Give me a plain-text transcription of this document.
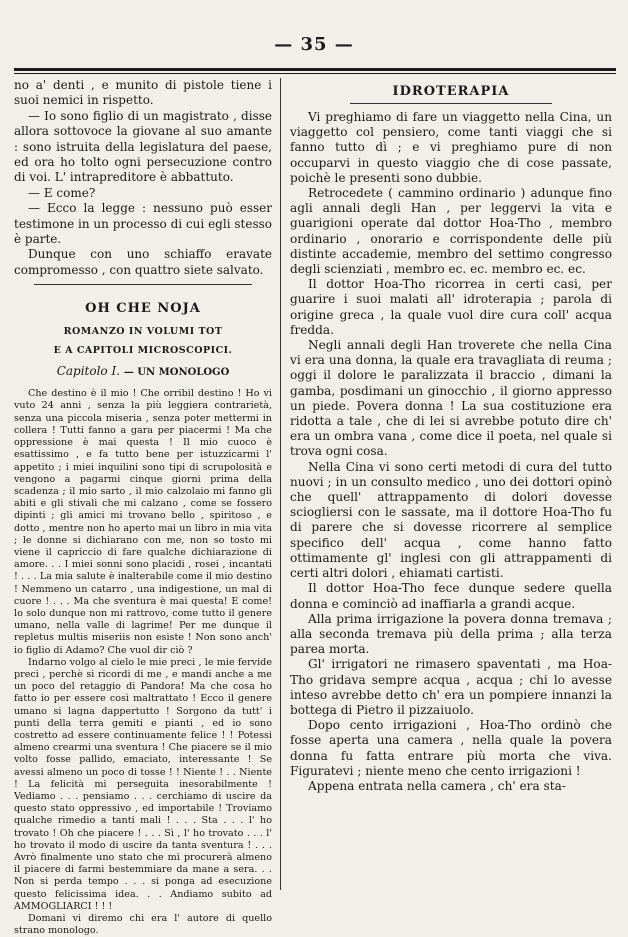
— 35 —

no a' denti , e munito di pistole tiene i suoi nemici in rispetto.

— Io sono figlio di un magistrato , disse allora sottovoce la giovane al suo amante : sono istruita della legislatura del paese, ed ora ho tolto ogni persecuzione contro di voi. L' intrapreditore è abbattuto.

— E come?

— Ecco la legge : nessuno può esser testimone in un processo di cui egli stesso è parte.

Dunque con uno schiaffo eravate compromesso , con quattro siete salvato.

OH CHE NOJA
ROMANZO IN VOLUMI TOT
E A CAPITOLI MICROSCOPICI.
Capitolo I. — UN MONOLOGO

Che destino è il mio ! Che orribil destino ! Ho vi vuto 24 anni , senza la più leggiera contrarietà, senza una piccola miseria , senza poter mettermi in collera ! Tutti fanno a gara per piacermi ! Ma che oppressione è mai questa ! Il mio cuoco è esattissimo , e fa tutto bene per istuzzicarmi l' appetito ; i miei inquilini sono tipi di scrupolosità e vengono a pagarmi cinque giorni prima della scadenza ; il mio sarto , il mio calzolaio mi fanno gli abiti e gli stivali che mi calzano , come se fossero dipinti ; gli amici mi trovano bello , spiritoso , e dotto , mentre non ho aperto mai un libro in mia vita ; le donne si dichiarano con me, non so tosto mi viene il capriccio di fare qualche dichiarazione di amore. . . I miei sonni sono placidi , rosei , incantati ! . . . La mia salute è inalterabile come il mio destino ! Nemmeno un catarro , una indigestione, un mal di cuore ! . . . Ma che sventura è mai questa! E come! lo solo dunque non mi rattrovo, come tutto il genere umano, nella valle di lagrime! Per me dunque il repletus multis miseriis non esiste ! Non sono anch' io figlio di Adamo? Che vuol dir ciò ?

Indarno volgo al cielo le mie preci , le mie fervide preci , perchè si ricordi di me , e mandi anche a me un poco del retaggio di Pandora! Ma che cosa ho fatto io per essere così maltrattato ! Ecco il genere umano si lagna dappertutto ! Sorgono da tutt' i punti della terra gemiti e pianti , ed io sono costretto ad essere continuamente felice ! ! Potessi almeno crearmi una sventura ! Che piacere se il mio volto fosse pallido, emaciato, interessante ! Se avessi almeno un poco di tosse ! ! Niente ! . . Niente ! La felicità mi perseguita inesorabilmente ! Vediamo . . . pensiamo . . . cerchiamo di uscire da questo stato oppressivo , ed importabile ! Troviamo qualche rimedio a tanti mali ! . . . Sta . . . l' ho trovato ! Oh che piacere ! . . . Sì , l' ho trovato . . . l' ho trovato il modo di uscire da tanta sventura ! . . . Avrò finalmente uno stato che mi procurerà almeno il piacere di farmi bestemmiare da mane a sera. . . Non si perda tempo . . . si ponga ad esecuzione questo felicissima idea. . . Andiamo subito ad AMMOGLIARCI ! ! !

Domani vi diremo chi era l' autore di quello strano monologo.

IDROTERAPIA

Vi preghiamo di fare un viaggetto nella Cina, un viaggetto col pensiero, come tanti viaggi che si fanno tutto dì ; e vi preghiamo pure di non occuparvi in questo viaggio che di cose passate, poichè le presenti sono dubbie.

Retrocedete ( cammino ordinario ) adunque fino agli annali degli Han , per leggervi la vita e guarigioni operate dal dottor Hoa-Tho , membro ordinario , onorario e corrispondente delle più distinte accademie, membro del settimo congresso degli scienziati , membro ec. ec. membro ec. ec.

Il dottor Hoa-Tho ricorrea in certi casi, per guarire i suoi malati all' idroterapia ; parola di origine greca , la quale vuol dire cura coll' acqua fredda.

Negli annali degli Han troverete che nella Cina vi era una donna, la quale era travagliata di reuma ; oggi il dolore le paralizzata il braccio , dimani la gamba, posdimani un ginocchio , il giorno appresso un piede. Povera donna ! La sua costituzione era ridotta a tale , che di lei si avrebbe potuto dire ch' era un ombra vana , come dice il poeta, nel quale si trova ogni cosa.

Nella Cina vi sono certi metodi di cura del tutto nuovi ; in un consulto medico , uno dei dottori opinò che quell' attrappamento di dolori dovesse sciogliersi con le sassate, ma il dottore Hoa-Tho fu di parere che si dovesse ricorrere al semplice specifico dell' acqua , come hanno fatto ottimamente gl' inglesi con gli attrappamenti di certi altri dolori , ehiamati cartisti.

Il dottor Hoa-Tho fece dunque sedere quella donna e cominciò ad inaffiarla a grandi acque.

Alla prima irrigazione la povera donna tremava ; alla seconda tremava più della prima ; alla terza parea morta.

Gl' irrigatori ne rimasero spaventati , ma Hoa-Tho gridava sempre acqua , acqua ; chi lo avesse inteso avrebbe detto ch' era un pompiere innanzi la bottega di Pietro il pizzaiuolo.

Dopo cento irrigazioni , Hoa-Tho ordinò che fosse aperta una camera , nella quale la povera donna fu fatta entrare più morta che viva. Figuratevi ; niente meno che cento irrigazioni !

Appena entrata nella camera , ch' era sta-
